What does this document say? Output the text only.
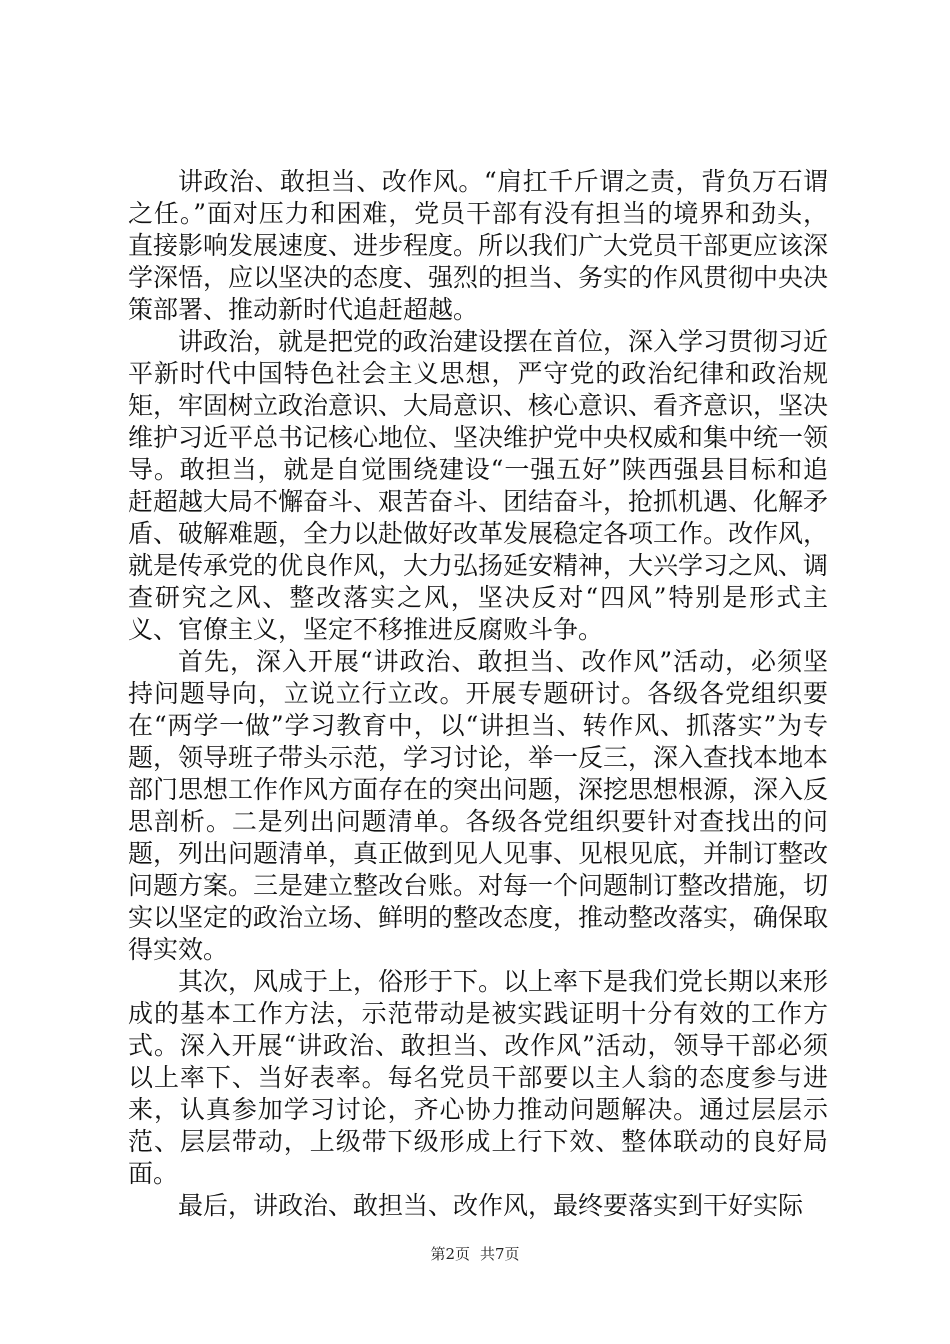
讲政治、敢担当、改作风。“肩扛千斤谓之责，背负万石谓之任。”面对压力和困难，党员干部有没有担当的境界和劲头，直接影响发展速度、进步程度。所以我们广大党员干部更应该深学深悟，应以坚决的态度、强烈的担当、务实的作风贯彻中央决策部署、推动新时代追赶超越。

讲政治，就是把党的政治建设摆在首位，深入学习贯彻习近平新时代中国特色社会主义思想，严守党的政治纪律和政治规矩，牢固树立政治意识、大局意识、核心意识、看齐意识，坚决维护习近平总书记核心地位、坚决维护党中央权威和集中统一领导。敢担当，就是自觉围绕建设“一强五好”陕西强县目标和追赶超越大局不懈奋斗、艰苦奋斗、团结奋斗，抢抓机遇、化解矛盾、破解难题，全力以赴做好改革发展稳定各项工作。改作风，就是传承党的优良作风，大力弘扬延安精神，大兴学习之风、调查研究之风、整改落实之风，坚决反对“四风”特别是形式主义、官僚主义，坚定不移推进反腐败斗争。

首先，深入开展“讲政治、敢担当、改作风”活动，必须坚持问题导向，立说立行立改。开展专题研讨。各级各党组织要在“两学一做”学习教育中，以“讲担当、转作风、抓落实”为专题，领导班子带头示范，学习讨论，举一反三，深入查找本地本部门思想工作作风方面存在的突出问题，深挖思想根源，深入反思剖析。二是列出问题清单。各级各党组织要针对查找出的问题，列出问题清单，真正做到见人见事、见根见底，并制订整改问题方案。三是建立整改台账。对每一个问题制订整改措施，切实以坚定的政治立场、鲜明的整改态度，推动整改落实，确保取得实效。

其次，风成于上，俗形于下。以上率下是我们党长期以来形成的基本工作方法，示范带动是被实践证明十分有效的工作方式。深入开展“讲政治、敢担当、改作风”活动，领导干部必须以上率下、当好表率。每名党员干部要以主人翁的态度参与进来，认真参加学习讨论，齐心协力推动问题解决。通过层层示范、层层带动，上级带下级形成上行下效、整体联动的良好局面。

最后，讲政治、敢担当、改作风，最终要落实到干好实际

第2页 共7页
